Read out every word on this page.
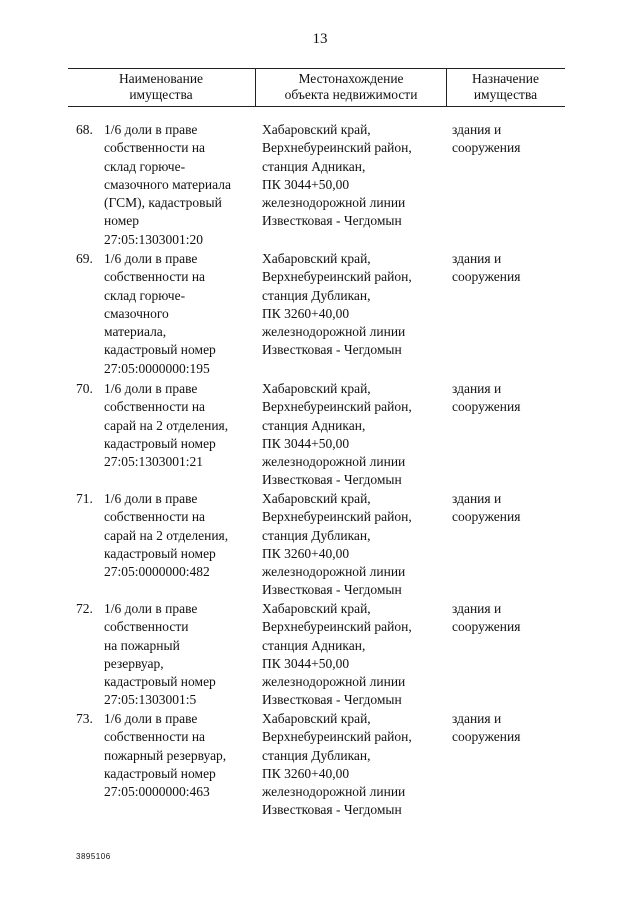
13
Наименование
имущества
Местонахождение
объекта недвижимости
Назначение
имущества
68. 1/6 доли в праве
собственности на
склад горюче-
смазочного материала
(ГСМ), кадастровый
номер
27:05:1303001:20
Хабаровский край,
Верхнебуреинский район,
станция Адникан,
ПК 3044+50,00
железнодорожной линии
Известковая - Чегдомын
здания и
сооружения
69. 1/6 доли в праве
собственности на
склад горюче-
смазочного
материала,
кадастровый номер
27:05:0000000:195
Хабаровский край,
Верхнебуреинский район,
станция Дубликан,
ПК 3260+40,00
железнодорожной линии
Известковая - Чегдомын
здания и
сооружения
70. 1/6 доли в праве
собственности на
сарай на 2 отделения,
кадастровый номер
27:05:1303001:21
Хабаровский край,
Верхнебуреинский район,
станция Адникан,
ПК 3044+50,00
железнодорожной линии
Известковая - Чегдомын
здания и
сооружения
71. 1/6 доли в праве
собственности на
сарай на 2 отделения,
кадастровый номер
27:05:0000000:482
Хабаровский край,
Верхнебуреинский район,
станция Дубликан,
ПК 3260+40,00
железнодорожной линии
Известковая - Чегдомын
здания и
сооружения
72. 1/6 доли в праве
собственности
на пожарный
резервуар,
кадастровый номер
27:05:1303001:5
Хабаровский край,
Верхнебуреинский район,
станция Адникан,
ПК 3044+50,00
железнодорожной линии
Известковая - Чегдомын
здания и
сооружения
73. 1/6 доли в праве
собственности на
пожарный резервуар,
кадастровый номер
27:05:0000000:463
Хабаровский край,
Верхнебуреинский район,
станция Дубликан,
ПК 3260+40,00
железнодорожной линии
Известковая - Чегдомын
здания и
сооружения
3895106
